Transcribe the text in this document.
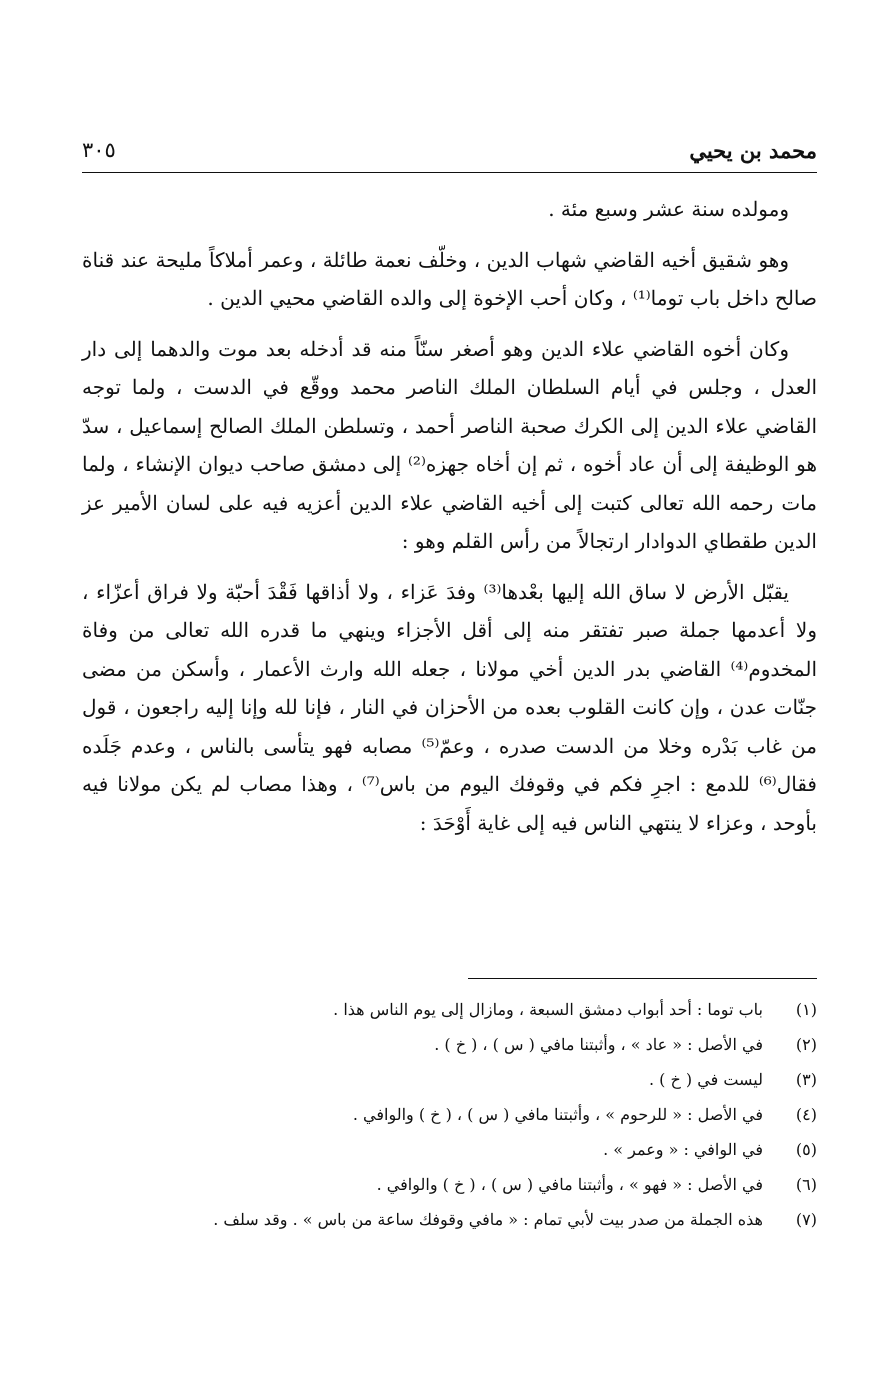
محمد بن يحيي
٣٠٥

ومولده سنة عشر وسبع مئة .

وهو شقيق أخيه القاضي شهاب الدين ، وخلّف نعمة طائلة ، وعمر أملاكاً مليحة عند قناة صالح داخل باب توما⁽¹⁾ ، وكان أحب الإخوة إلى والده القاضي محيي الدين .

وكان أخوه القاضي علاء الدين وهو أصغر سنّاً منه قد أدخله بعد موت والدهما إلى دار العدل ، وجلس في أيام السلطان الملك الناصر محمد ووقّع في الدست ، ولما توجه القاضي علاء الدين إلى الكرك صحبة الناصر أحمد ، وتسلطن الملك الصالح إسماعيل ، سدّ هو الوظيفة إلى أن عاد أخوه ، ثم إن أخاه جهزه⁽²⁾ إلى دمشق صاحب ديوان الإنشاء ، ولما مات رحمه الله تعالى كتبت إلى أخيه القاضي علاء الدين أعزيه فيه على لسان الأمير عز الدين طقطاي الدوادار ارتجالاً من رأس القلم وهو :

يقبّل الأرض لا ساق الله إليها بعْدها⁽³⁾ وفدَ عَزاء ، ولا أذاقها فَقْدَ أحبّة ولا فراق أعزّاء ، ولا أعدمها جملة صبر تفتقر منه إلى أقل الأجزاء وينهي ما قدره الله تعالى من وفاة المخدوم⁽⁴⁾ القاضي بدر الدين أخي مولانا ، جعله الله وارث الأعمار ، وأسكن من مضى جنّات عدن ، وإن كانت القلوب بعده من الأحزان في النار ، فإنا لله وإنا إليه راجعون ، قول من غاب بَدْره وخلا من الدست صدره ، وعمّ⁽⁵⁾ مصابه فهو يتأسى بالناس ، وعدم جَلَده فقال⁽⁶⁾ للدمع : اجرِ فكم في وقوفك اليوم من باس⁽⁷⁾ ، وهذا مصاب لم يكن مولانا فيه بأوحد ، وعزاء لا ينتهي الناس فيه إلى غاية أَوْحَدَ :

(١)
باب توما : أحد أبواب دمشق السبعة ، ومازال إلى يوم الناس هذا .
(٢)
في الأصل : « عاد » ، وأثبتنا مافي ( س ) ، ( خ ) .
(٣)
ليست في ( خ ) .
(٤)
في الأصل : « للرحوم » ، وأثبتنا مافي ( س ) ، ( خ ) والوافي .
(٥)
في الوافي : « وعمر » .
(٦)
في الأصل : « فهو » ، وأثبتنا مافي ( س ) ، ( خ ) والوافي .
(٧)
هذه الجملة من صدر بيت لأبي تمام : « مافي وقوفك ساعة من باس » . وقد سلف .
